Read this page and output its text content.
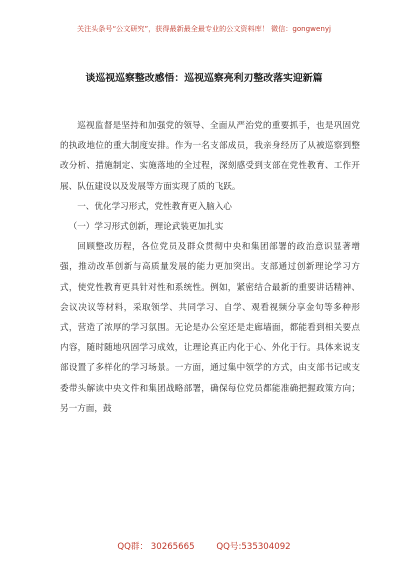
关注头条号“公文研究”，获得最新最全最专业的公文资料库！ 微信：gongwenyj
谈巡视巡察整改感悟：巡视巡察亮利刃整改落实迎新篇

巡视监督是坚持和加强党的领导、全面从严治党的重要抓手，也是巩固党的执政地位的重大制度安排。作为一名支部成员，我亲身经历了从被巡察到整改分析、措施制定、实施落地的全过程，深刻感受到支部在党性教育、工作开展、队伍建设以及发展等方面实现了质的飞跃。

一、优化学习形式，党性教育更入脑入心

（一）学习形式创新，理论武装更加扎实

回顾整改历程，各位党员及群众贯彻中央和集团部署的政治意识显著增强，推动改革创新与高质量发展的能力更加突出。支部通过创新理论学习方式，使党性教育更具针对性和系统性。例如，紧密结合最新的重要讲话精神、会议决议等材料，采取领学、共同学习、自学、观看视频分享金句等多种形式，营造了浓厚的学习氛围。无论是办公室还是走廊墙面，都能看到相关要点内容，随时随地巩固学习成效，让理论真正内化于心、外化于行。具体来说支部设置了多样化的学习场景。一方面，通过集中领学的方式，由支部书记或支委带头解读中央文件和集团战略部署，确保每位党员都能准确把握政策方向；另一方面，鼓

QQ群： 30265665        QQ号:535304092
